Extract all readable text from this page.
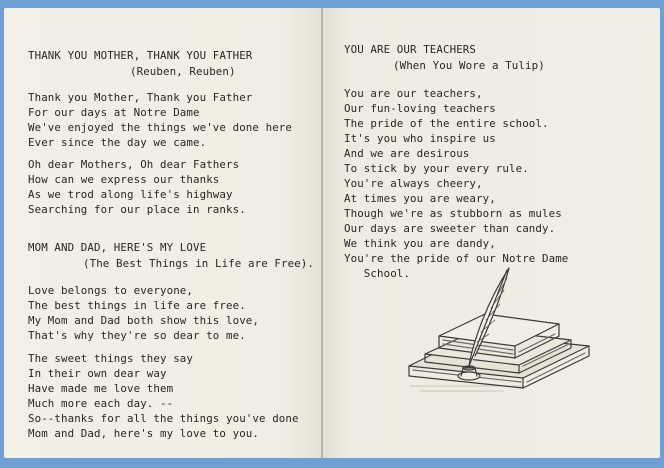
THANK YOU MOTHER, THANK YOU FATHER
(Reuben, Reuben)
Thank you Mother, Thank you Father
For our days at Notre Dame
We've enjoyed the things we've done here
Ever since the day we came.
Oh dear Mothers, Oh dear Fathers
How can we express our thanks
As we trod along life's highway
Searching for our place in ranks.
MOM AND DAD, HERE'S MY LOVE
(The Best Things in Life are Free).
Love belongs to everyone,
The best things in life are free.
My Mom and Dad both show this love,
That's why they're so dear to me.
The sweet things they say
In their own dear way
Have made me love them
Much more each day. --
So--thanks for all the things you've done
Mom and Dad, here's my love to you.
YOU ARE OUR TEACHERS
(When You Wore a Tulip)
You are our teachers,
Our fun-loving teachers
The pride of the entire school.
It's you who inspire us
And we are desirous
To stick by your every rule.
You're always cheery,
At times you are weary,
Though we're as stubborn as mules
Our days are sweeter than candy.
We think you are dandy,
You're the pride of our Notre Dame
School.
